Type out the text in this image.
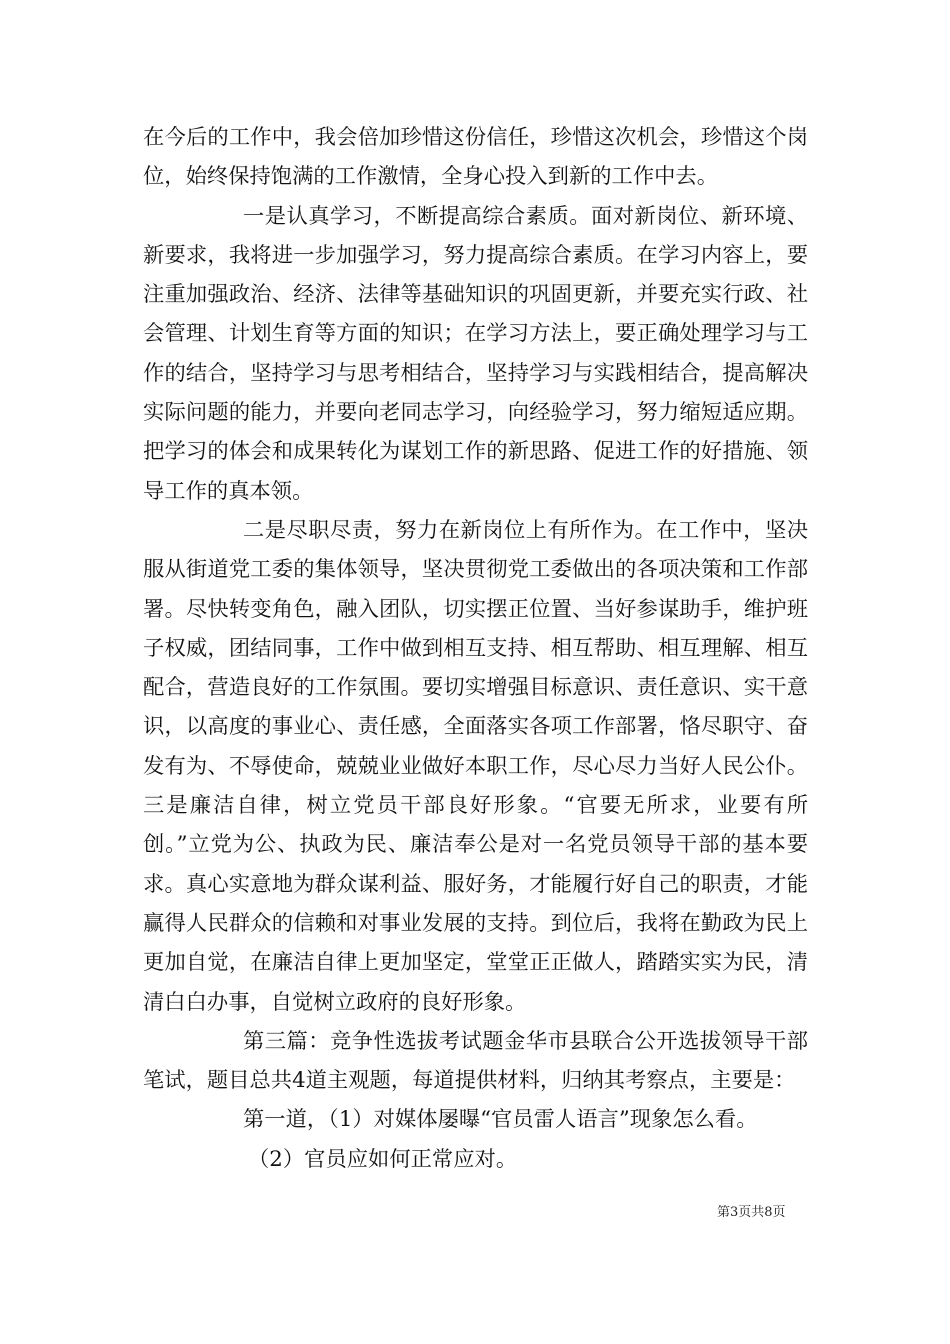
在今后的工作中，我会倍加珍惜这份信任，珍惜这次机会，珍惜这个岗位，始终保持饱满的工作激情，全身心投入到新的工作中去。

一是认真学习，不断提高综合素质。面对新岗位、新环境、新要求，我将进一步加强学习，努力提高综合素质。在学习内容上，要注重加强政治、经济、法律等基础知识的巩固更新，并要充实行政、社会管理、计划生育等方面的知识；在学习方法上，要正确处理学习与工作的结合，坚持学习与思考相结合，坚持学习与实践相结合，提高解决实际问题的能力，并要向老同志学习，向经验学习，努力缩短适应期。把学习的体会和成果转化为谋划工作的新思路、促进工作的好措施、领导工作的真本领。

二是尽职尽责，努力在新岗位上有所作为。在工作中，坚决服从街道党工委的集体领导，坚决贯彻党工委做出的各项决策和工作部署。尽快转变角色，融入团队，切实摆正位置、当好参谋助手，维护班子权威，团结同事，工作中做到相互支持、相互帮助、相互理解、相互配合，营造良好的工作氛围。要切实增强目标意识、责任意识、实干意识，以高度的事业心、责任感，全面落实各项工作部署，恪尽职守、奋发有为、不辱使命，兢兢业业做好本职工作，尽心尽力当好人民公仆。三是廉洁自律，树立党员干部良好形象。“官要无所求，业要有所创。”立党为公、执政为民、廉洁奉公是对一名党员领导干部的基本要求。真心实意地为群众谋利益、服好务，才能履行好自己的职责，才能赢得人民群众的信赖和对事业发展的支持。到位后，我将在勤政为民上更加自觉，在廉洁自律上更加坚定，堂堂正正做人，踏踏实实为民，清清白白办事，自觉树立政府的良好形象。

第三篇：竞争性选拔考试题金华市县联合公开选拔领导干部笔试，题目总共4道主观题，每道提供材料，归纳其考察点，主要是：

第一道，（1）对媒体屡曝“官员雷人语言”现象怎么看。

（2）官员应如何正常应对。

第3页共8页
